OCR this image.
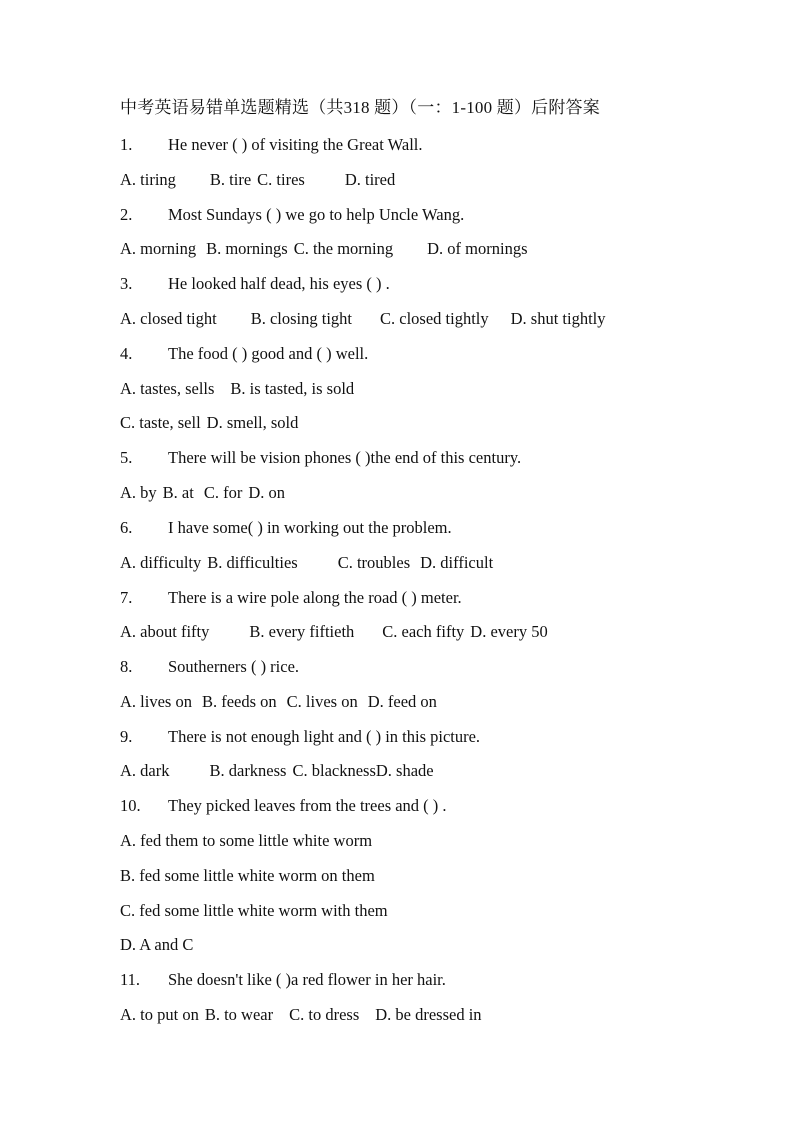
中考英语易错单选题精选（共318 题）（一：1-100 题）后附答案
1. He never ( ) of visiting the Great Wall.
A. tiring B. tire C. tires D. tired
2. Most Sundays ( ) we go to help Uncle Wang.
A. morning B. mornings C. the morning D. of mornings
3. He looked half dead, his eyes ( ) .
A. closed tight B. closing tight C. closed tightly D. shut tightly
4. The food ( ) good and ( ) well.
A. tastes, sells B. is tasted, is sold
C. taste, sell D. smell, sold
5. There will be vision phones ( )the end of this century.
A. by B. at C. for D. on
6. I have some( ) in working out the problem.
A. difficulty B. difficulties C. troubles D. difficult
7. There is a wire pole along the road ( ) meter.
A. about fifty B. every fiftieth C. each fifty D. every 50
8. Southerners ( ) rice.
A. lives on B. feeds on C. lives on D. feed on
9. There is not enough light and ( ) in this picture.
A. dark B. darkness C. blacknessD. shade
10. They picked leaves from the trees and ( ) .
A. fed them to some little white worm
B. fed some little white worm on them
C. fed some little white worm with them
D. A and C
11. She doesn't like ( )a red flower in her hair.
A. to put on B. to wear C. to dress D. be dressed in
